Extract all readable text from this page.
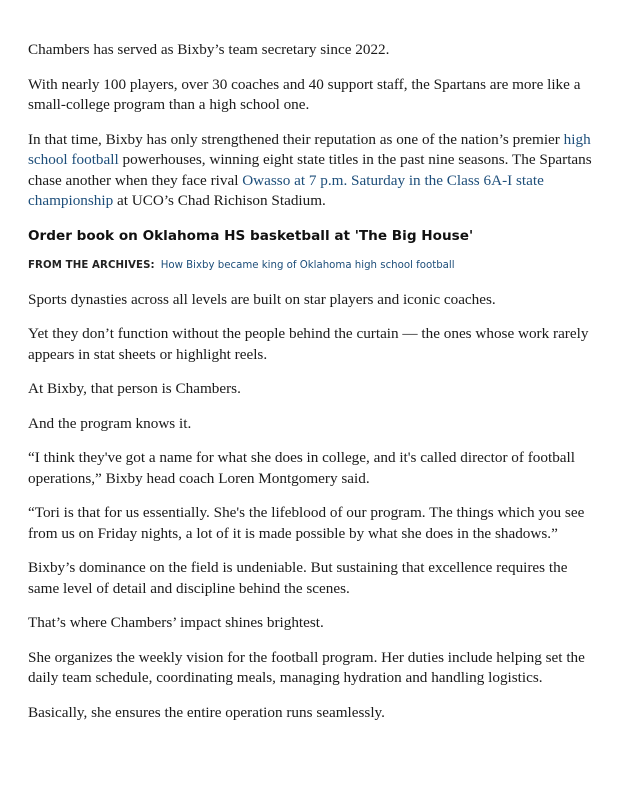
Chambers has served as Bixby’s team secretary since 2022.

With nearly 100 players, over 30 coaches and 40 support staff, the Spartans are more like a small-college program than a high school one.

In that time, Bixby has only strengthened their reputation as one of the nation’s premier high school football powerhouses, winning eight state titles in the past nine seasons. The Spartans chase another when they face rival Owasso at 7 p.m. Saturday in the Class 6A-I state championship at UCO’s Chad Richison Stadium.

Order book on Oklahoma HS basketball at 'The Big House'
FROM THE ARCHIVES: How Bixby became king of Oklahoma high school football

Sports dynasties across all levels are built on star players and iconic coaches.

Yet they don’t function without the people behind the curtain — the ones whose work rarely appears in stat sheets or highlight reels.

At Bixby, that person is Chambers.

And the program knows it.

“I think they've got a name for what she does in college, and it's called director of football operations,” Bixby head coach Loren Montgomery said.

“Tori is that for us essentially. She's the lifeblood of our program. The things which you see from us on Friday nights, a lot of it is made possible by what she does in the shadows.”

Bixby’s dominance on the field is undeniable. But sustaining that excellence requires the same level of detail and discipline behind the scenes.

That’s where Chambers’ impact shines brightest.

She organizes the weekly vision for the football program. Her duties include helping set the daily team schedule, coordinating meals, managing hydration and handling logistics.

Basically, she ensures the entire operation runs seamlessly.
